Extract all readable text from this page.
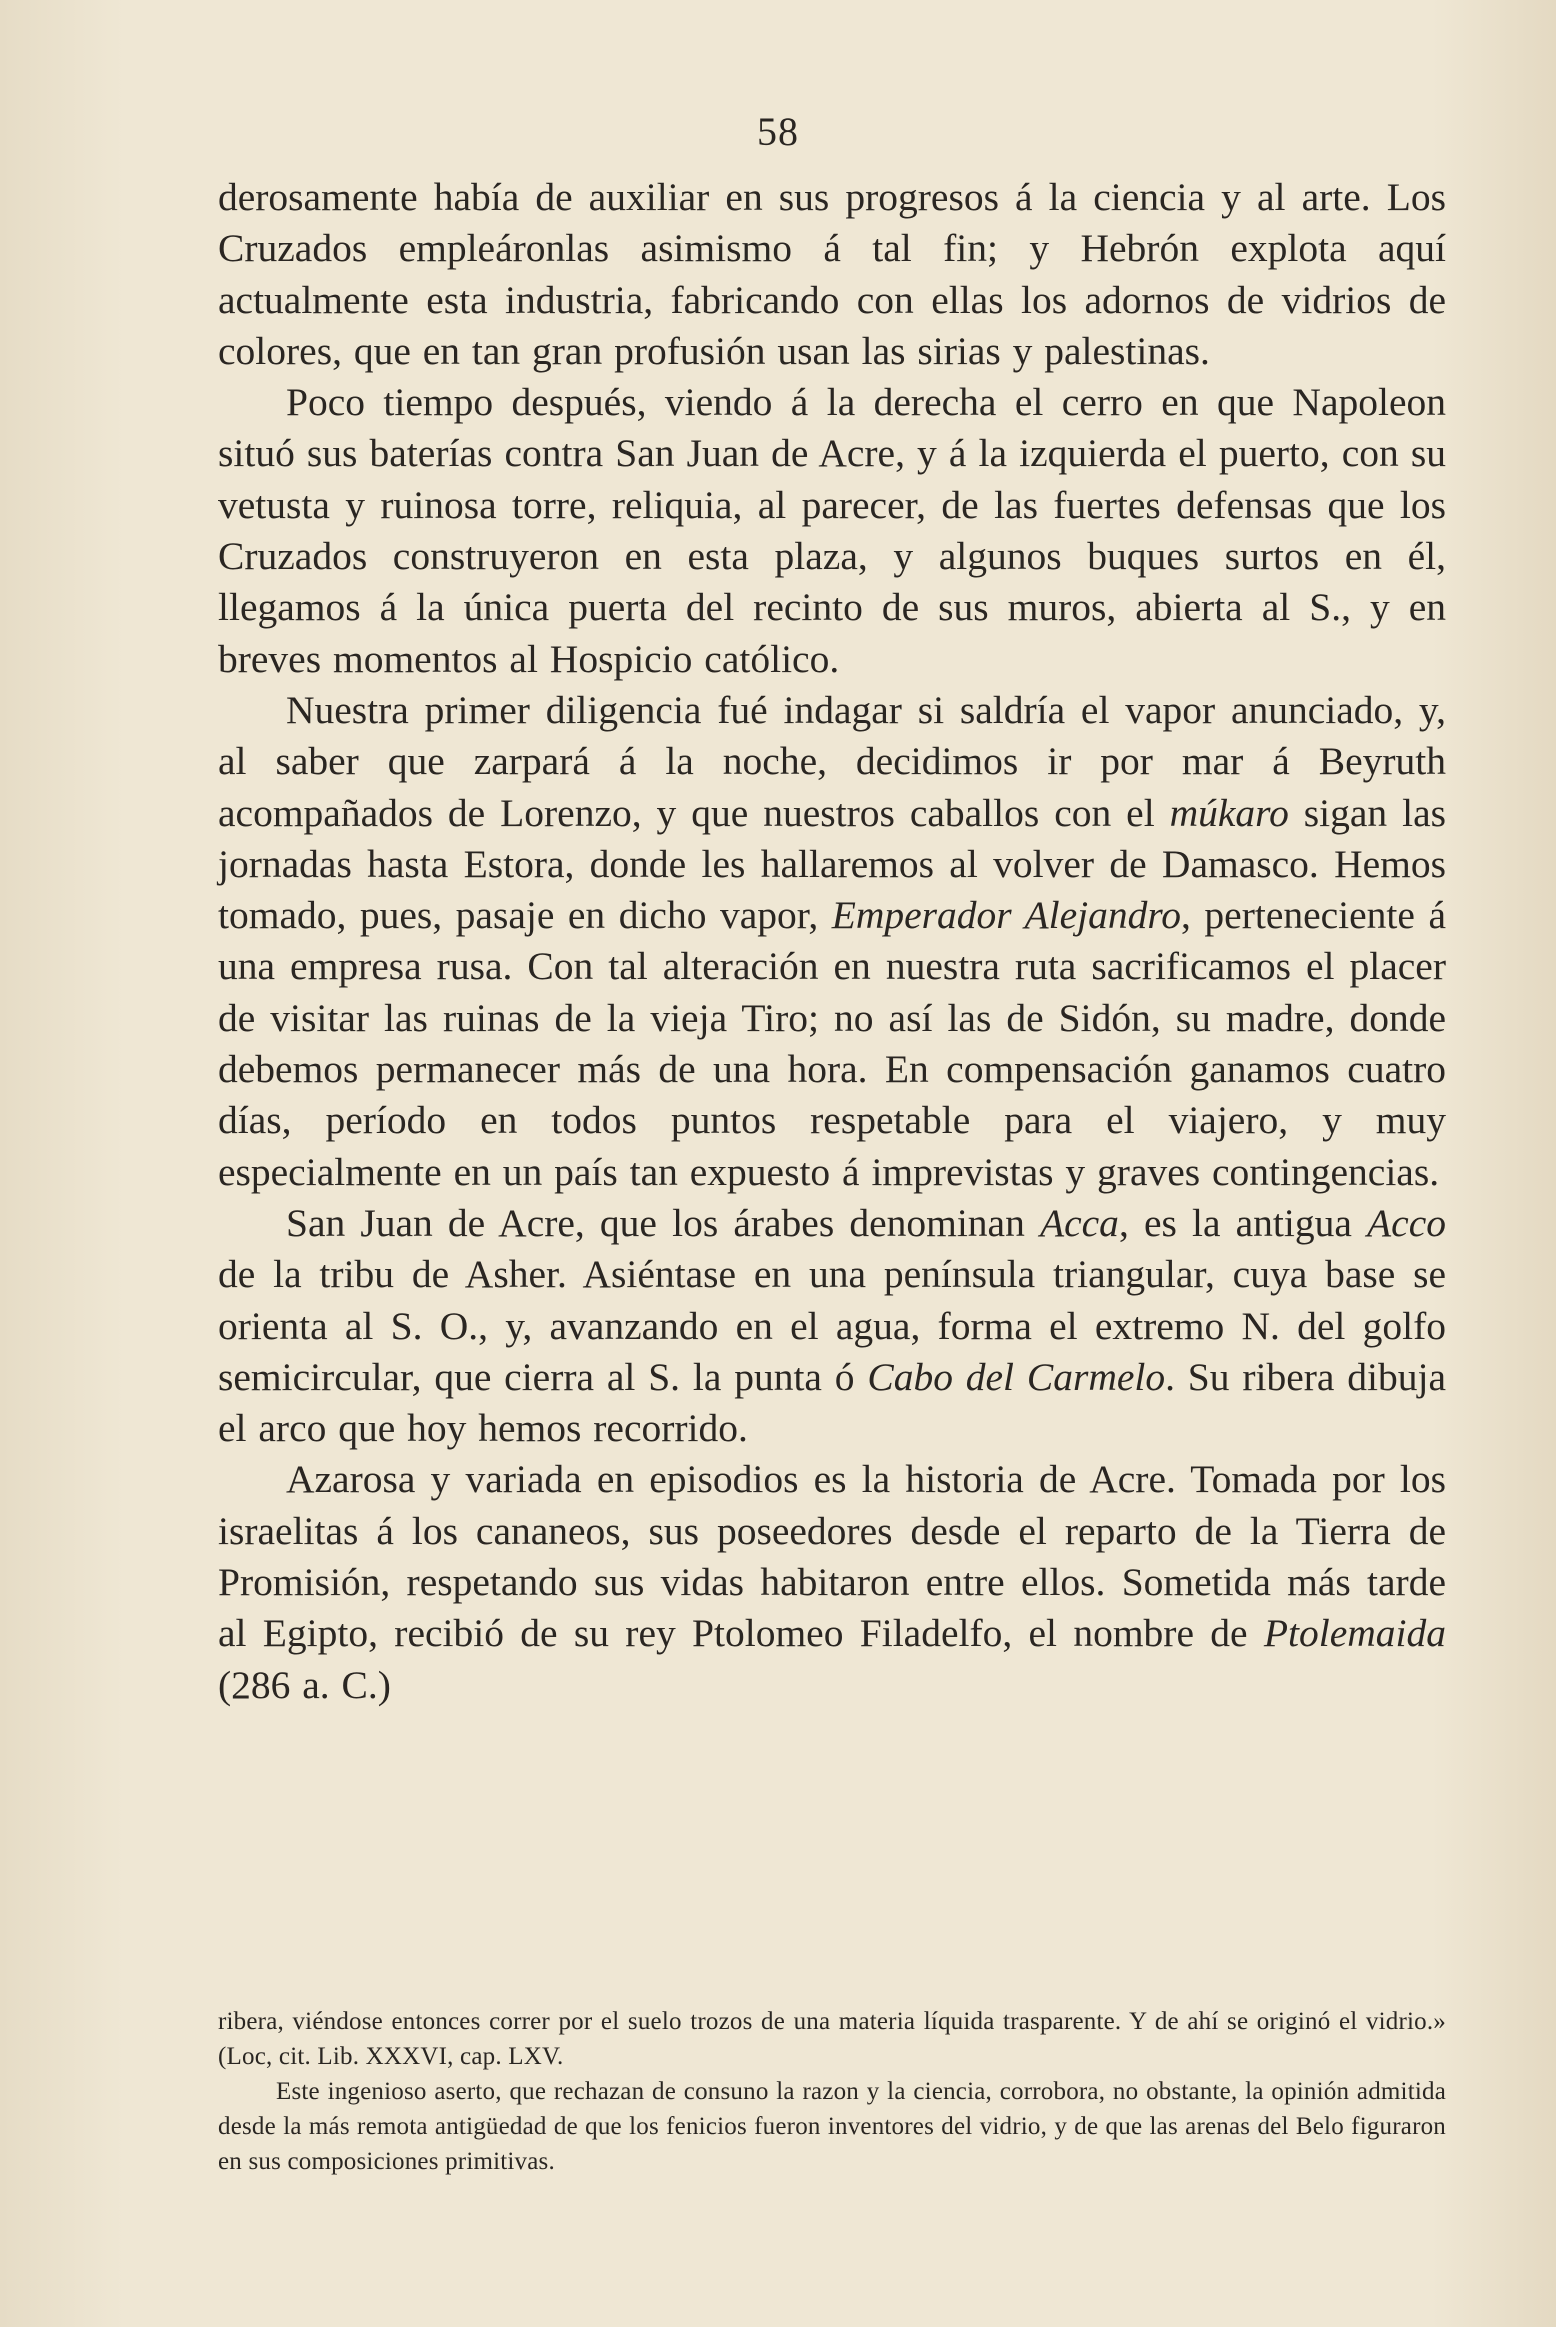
58

derosamente había de auxiliar en sus progresos á la ciencia y al arte. Los Cruzados empleáronlas asimismo á tal fin; y Hebrón explota aquí actualmente esta industria, fabricando con ellas los adornos de vidrios de colores, que en tan gran profusión usan las sirias y palestinas.

Poco tiempo después, viendo á la derecha el cerro en que Napoleon situó sus baterías contra San Juan de Acre, y á la izquierda el puerto, con su vetusta y ruinosa torre, reliquia, al parecer, de las fuertes defensas que los Cruzados construyeron en esta plaza, y algunos buques surtos en él, llegamos á la única puerta del recinto de sus muros, abierta al S., y en breves momentos al Hospicio católico.

Nuestra primer diligencia fué indagar si saldría el vapor anunciado, y, al saber que zarpará á la noche, decidimos ir por mar á Beyruth acompañados de Lorenzo, y que nuestros caballos con el múkaro sigan las jornadas hasta Estora, donde les hallaremos al volver de Damasco. Hemos tomado, pues, pasaje en dicho vapor, Emperador Alejandro, perteneciente á una empresa rusa. Con tal alteración en nuestra ruta sacrificamos el placer de visitar las ruinas de la vieja Tiro; no así las de Sidón, su madre, donde debemos permanecer más de una hora. En compensación ganamos cuatro días, período en todos puntos respetable para el viajero, y muy especialmente en un país tan expuesto á imprevistas y graves contingencias.

San Juan de Acre, que los árabes denominan Acca, es la antigua Acco de la tribu de Asher. Asiéntase en una península triangular, cuya base se orienta al S. O., y, avanzando en el agua, forma el extremo N. del golfo semicircular, que cierra al S. la punta ó Cabo del Carmelo. Su ribera dibuja el arco que hoy hemos recorrido.

Azarosa y variada en episodios es la historia de Acre. Tomada por los israelitas á los cananeos, sus poseedores desde el reparto de la Tierra de Promisión, respetando sus vidas habitaron entre ellos. Sometida más tarde al Egipto, recibió de su rey Ptolomeo Filadelfo, el nombre de Ptolemaida (286 a. C.)

ribera, viéndose entonces correr por el suelo trozos de una materia líquida trasparente. Y de ahí se originó el vidrio.» (Loc, cit. Lib. XXXVI, cap. LXV.

Este ingenioso aserto, que rechazan de consuno la razon y la ciencia, corrobora, no obstante, la opinión admitida desde la más remota antigüedad de que los fenicios fueron inventores del vidrio, y de que las arenas del Belo figuraron en sus composiciones primitivas.
